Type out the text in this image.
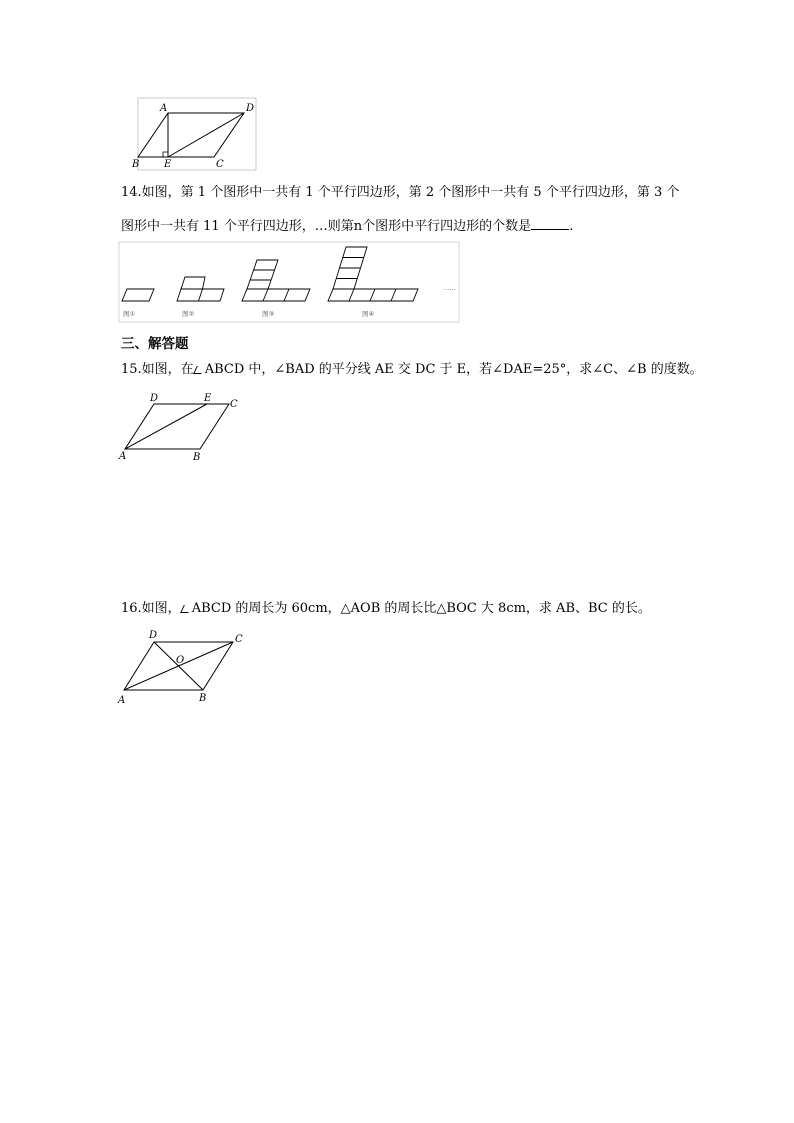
A	D
B E	C
14.如图，第 1 个图形中一共有 1 个平行四边形，第 2 个图形中一共有 5 个平行四边形，第 3 个
图形中一共有 11 个平行四边形，…则第n个图形中平行四边形的个数是	.
图①	图②	图③	图④
……
三、解答题
15.如图，在 ABCD 中，∠BAD 的平分线 AE 交 DC 于 E，若∠DAE=25°，求∠C、∠B 的度数。
D	E
C
A	B
16.如图， ABCD 的周长为 60cm，△AOB 的周长比△BOC 大 8cm，求 AB、BC 的长。
D	C
O
A	B
